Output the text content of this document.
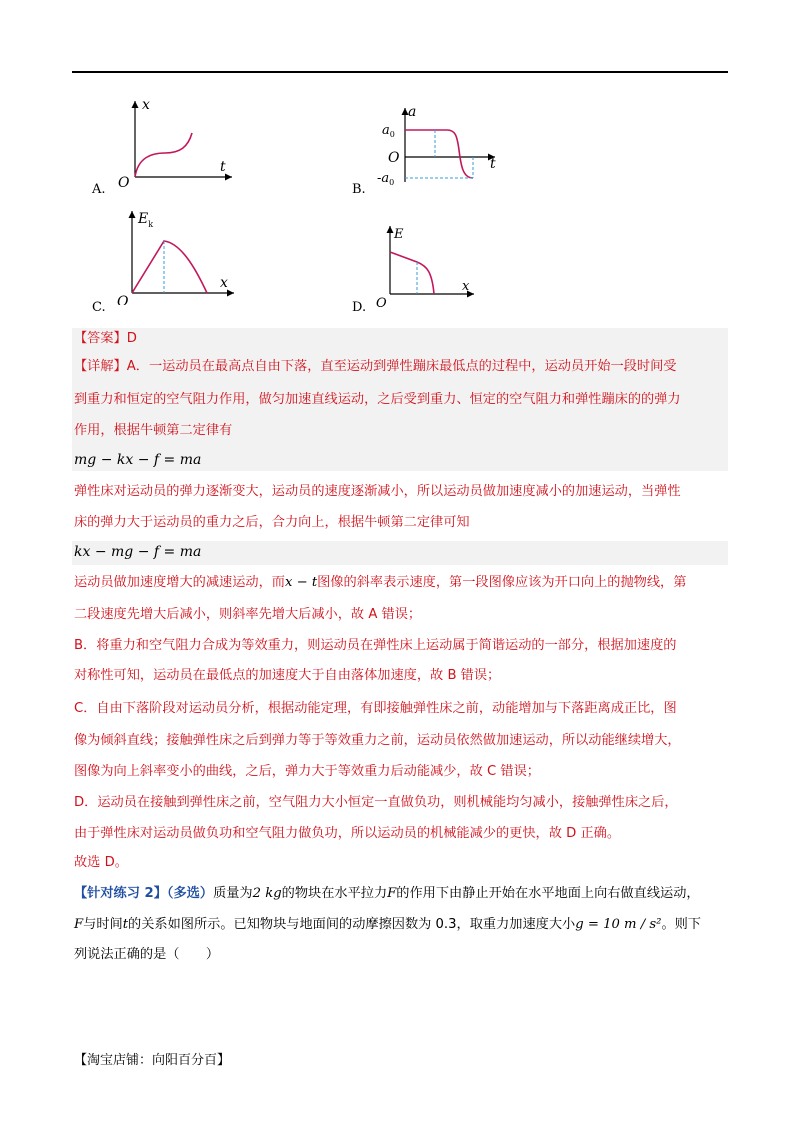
x
t
O
A.
a
t
O
$a_0$
$-a_0$
B.
$E_k$
x
O
C.
E
x
O
D.
【答案】D
【详解】A．一运动员在最高点自由下落，直至运动到弹性蹦床最低点的过程中，运动员开始一段时间受
到重力和恒定的空气阻力作用，做匀加速直线运动，之后受到重力、恒定的空气阻力和弹性蹦床的的弹力
作用，根据牛顿第二定律有
mg − kx − f = ma
弹性床对运动员的弹力逐渐变大，运动员的速度逐渐减小，所以运动员做加速度减小的加速运动，当弹性
床的弹力大于运动员的重力之后，合力向上，根据牛顿第二定律可知
kx − mg − f = ma
运动员做加速度增大的减速运动，而x − t图像的斜率表示速度，第一段图像应该为开口向上的抛物线，第
二段速度先增大后减小，则斜率先增大后减小，故 A 错误；
B．将重力和空气阻力合成为等效重力，则运动员在弹性床上运动属于简谐运动的一部分，根据加速度的
对称性可知，运动员在最低点的加速度大于自由落体加速度，故 B 错误；
C．自由下落阶段对运动员分析，根据动能定理，有即接触弹性床之前，动能增加与下落距离成正比，图
像为倾斜直线；接触弹性床之后到弹力等于等效重力之前，运动员依然做加速运动，所以动能继续增大，
图像为向上斜率变小的曲线，之后，弹力大于等效重力后动能减少，故 C 错误；
D．运动员在接触到弹性床之前，空气阻力大小恒定一直做负功，则机械能均匀减小，接触弹性床之后，
由于弹性床对运动员做负功和空气阻力做负功，所以运动员的机械能减少的更快，故 D 正确。
故选 D。
【针对练习 2】（多选）质量为2 kg的物块在水平拉力F的作用下由静止开始在水平地面上向右做直线运动，
F与时间t的关系如图所示。已知物块与地面间的动摩擦因数为 0.3，取重力加速度大小g = 10 m / s²。则下
列说法正确的是（　　）
【淘宝店铺：向阳百分百】
